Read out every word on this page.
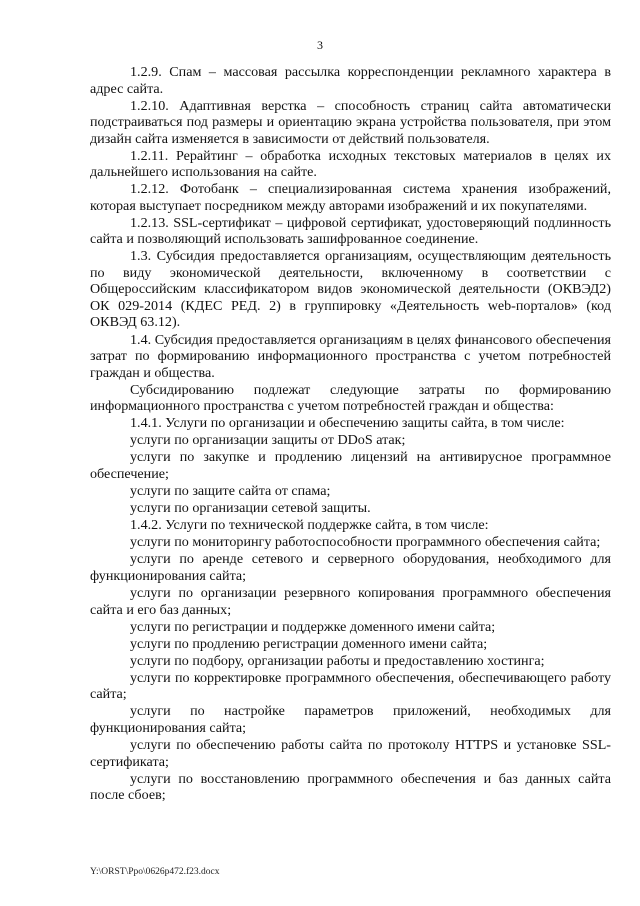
3

1.2.9. Спам – массовая рассылка корреспонденции рекламного характера в адрес сайта.

1.2.10. Адаптивная верстка – способность страниц сайта автоматически подстраиваться под размеры и ориентацию экрана устройства пользователя, при этом дизайн сайта изменяется в зависимости от действий пользователя.

1.2.11. Рерайтинг – обработка исходных текстовых материалов в целях их дальнейшего использования на сайте.

1.2.12. Фотобанк – специализированная система хранения изображений, которая выступает посредником между авторами изображений и их покупателями.

1.2.13. SSL-сертификат – цифровой сертификат, удостоверяющий подлинность сайта и позволяющий использовать зашифрованное соединение.

1.3. Субсидия предоставляется организациям, осуществляющим деятельность по виду экономической деятельности, включенному в соответствии с Общероссийским классификатором видов экономической деятельности (ОКВЭД2) ОК 029-2014 (КДЕС РЕД. 2) в группировку «Деятельность web-порталов» (код ОКВЭД 63.12).

1.4. Субсидия предоставляется организациям в целях финансового обеспечения затрат по формированию информационного пространства с учетом потребностей граждан и общества.

Субсидированию подлежат следующие затраты по формированию информационного пространства с учетом потребностей граждан и общества:

1.4.1. Услуги по организации и обеспечению защиты сайта, в том числе:

услуги по организации защиты от DDoS атак;

услуги по закупке и продлению лицензий на антивирусное программное обеспечение;

услуги по защите сайта от спама;

услуги по организации сетевой защиты.

1.4.2. Услуги по технической поддержке сайта, в том числе:

услуги по мониторингу работоспособности программного обеспечения сайта;

услуги по аренде сетевого и серверного оборудования, необходимого для функционирования сайта;

услуги по организации резервного копирования программного обеспечения сайта и его баз данных;

услуги по регистрации и поддержке доменного имени сайта;

услуги по продлению регистрации доменного имени сайта;

услуги по подбору, организации работы и предоставлению хостинга;

услуги по корректировке программного обеспечения, обеспечивающего работу сайта;

услуги по настройке параметров приложений, необходимых для функционирования сайта;

услуги по обеспечению работы сайта по протоколу HTTPS и установке SSL-сертификата;

услуги по восстановлению программного обеспечения и баз данных сайта после сбоев;

Y:\ORST\Ppo\0626p472.f23.docx
